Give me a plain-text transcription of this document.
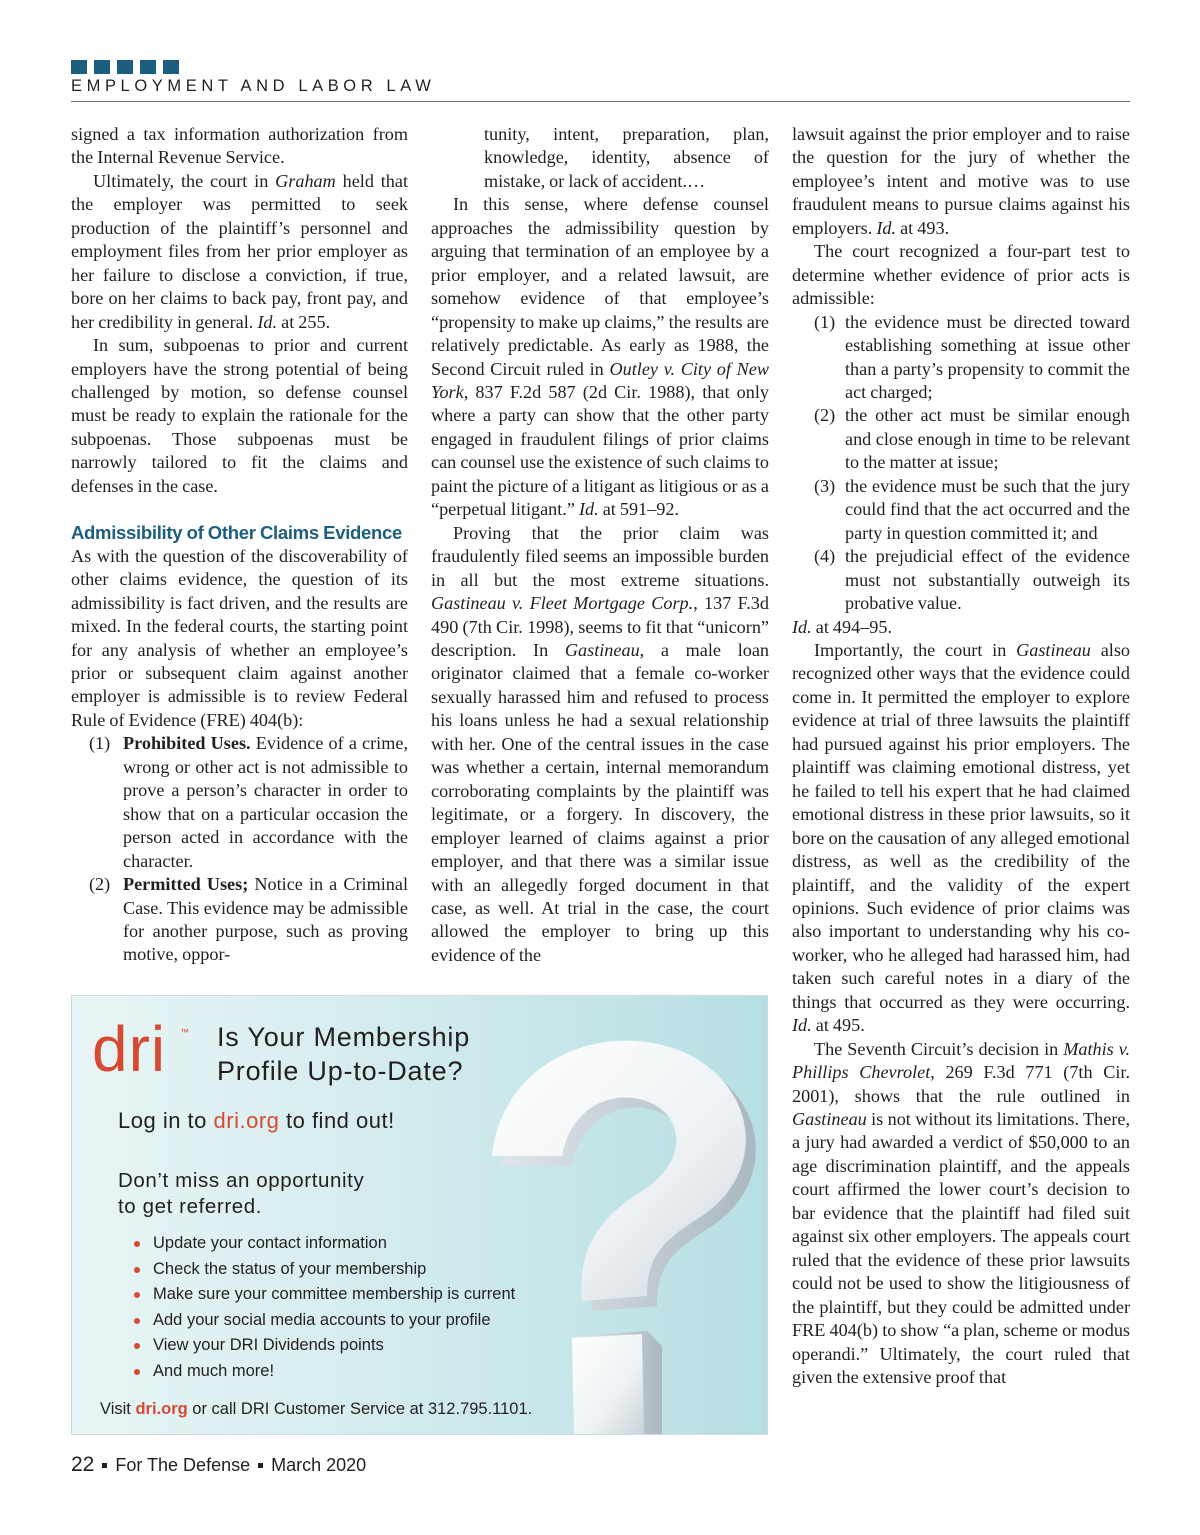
EMPLOYMENT AND LABOR LAW

signed a tax information authorization from the Internal Revenue Service.

Ultimately, the court in Graham held that the employer was permitted to seek production of the plaintiff’s personnel and employment files from her prior employer as her failure to disclose a conviction, if true, bore on her claims to back pay, front pay, and her credibility in general. Id. at 255.

In sum, subpoenas to prior and current employers have the strong potential of being challenged by motion, so defense counsel must be ready to explain the rationale for the subpoenas. Those subpoenas must be narrowly tailored to fit the claims and defenses in the case.

Admissibility of Other Claims Evidence

As with the question of the discoverability of other claims evidence, the question of its admissibility is fact driven, and the results are mixed. In the federal courts, the starting point for any analysis of whether an employee’s prior or subsequent claim against another employer is admissible is to review Federal Rule of Evidence (FRE) 404(b):

(1) Prohibited Uses. Evidence of a crime, wrong or other act is not admissible to prove a person’s character in order to show that on a particular occasion the person acted in accordance with the character.
(2) Permitted Uses; Notice in a Criminal Case. This evidence may be admissible for another purpose, such as proving motive, oppor-

tunity, intent, preparation, plan, knowledge, identity, absence of mistake, or lack of accident.…

In this sense, where defense counsel approaches the admissibility question by arguing that termination of an employee by a prior employer, and a related lawsuit, are somehow evidence of that employee’s “propensity to make up claims,” the results are relatively predictable. As early as 1988, the Second Circuit ruled in Outley v. City of New York, 837 F.2d 587 (2d Cir. 1988), that only where a party can show that the other party engaged in fraudulent filings of prior claims can counsel use the existence of such claims to paint the picture of a litigant as litigious or as a “perpetual litigant.” Id. at 591–92.

Proving that the prior claim was fraudulently filed seems an impossible burden in all but the most extreme situations. Gastineau v. Fleet Mortgage Corp., 137 F.3d 490 (7th Cir. 1998), seems to fit that “unicorn” description. In Gastineau, a male loan originator claimed that a female co-worker sexually harassed him and refused to process his loans unless he had a sexual relationship with her. One of the central issues in the case was whether a certain, internal memorandum corroborating complaints by the plaintiff was legitimate, or a forgery. In discovery, the employer learned of claims against a prior employer, and that there was a similar issue with an allegedly forged document in that case, as well. At trial in the case, the court allowed the employer to bring up this evidence of the

lawsuit against the prior employer and to raise the question for the jury of whether the employee’s intent and motive was to use fraudulent means to pursue claims against his employers. Id. at 493.

The court recognized a four-part test to determine whether evidence of prior acts is admissible:

(1) the evidence must be directed toward establishing something at issue other than a party’s propensity to commit the act charged;
(2) the other act must be similar enough and close enough in time to be relevant to the matter at issue;
(3) the evidence must be such that the jury could find that the act occurred and the party in question committed it; and
(4) the prejudicial effect of the evidence must not substantially outweigh its probative value.

Id. at 494–95.

Importantly, the court in Gastineau also recognized other ways that the evidence could come in. It permitted the employer to explore evidence at trial of three lawsuits the plaintiff had pursued against his prior employers. The plaintiff was claiming emotional distress, yet he failed to tell his expert that he had claimed emotional distress in these prior lawsuits, so it bore on the causation of any alleged emotional distress, as well as the credibility of the plaintiff, and the validity of the expert opinions. Such evidence of prior claims was also important to understanding why his co-worker, who he alleged had harassed him, had taken such careful notes in a diary of the things that occurred as they were occurring. Id. at 495.

The Seventh Circuit’s decision in Mathis v. Phillips Chevrolet, 269 F.3d 771 (7th Cir. 2001), shows that the rule outlined in Gastineau is not without its limitations. There, a jury had awarded a verdict of $50,000 to an age discrimination plaintiff, and the appeals court affirmed the lower court’s decision to bar evidence that the plaintiff had filed suit against six other employers. The appeals court ruled that the evidence of these prior lawsuits could not be used to show the litigiousness of the plaintiff, but they could be admitted under FRE 404(b) to show “a plan, scheme or modus operandi.” Ultimately, the court ruled that given the extensive proof that

dri ™ Is Your Membership
Profile Up-to-Date?
Log in to dri.org to find out!
Don’t miss an opportunity
to get referred.
Update your contact information
Check the status of your membership
Make sure your committee membership is current
Add your social media accounts to your profile
View your DRI Dividends points
And much more!
Visit dri.org or call DRI Customer Service at 312.795.1101.
22 For The Defense March 2020
